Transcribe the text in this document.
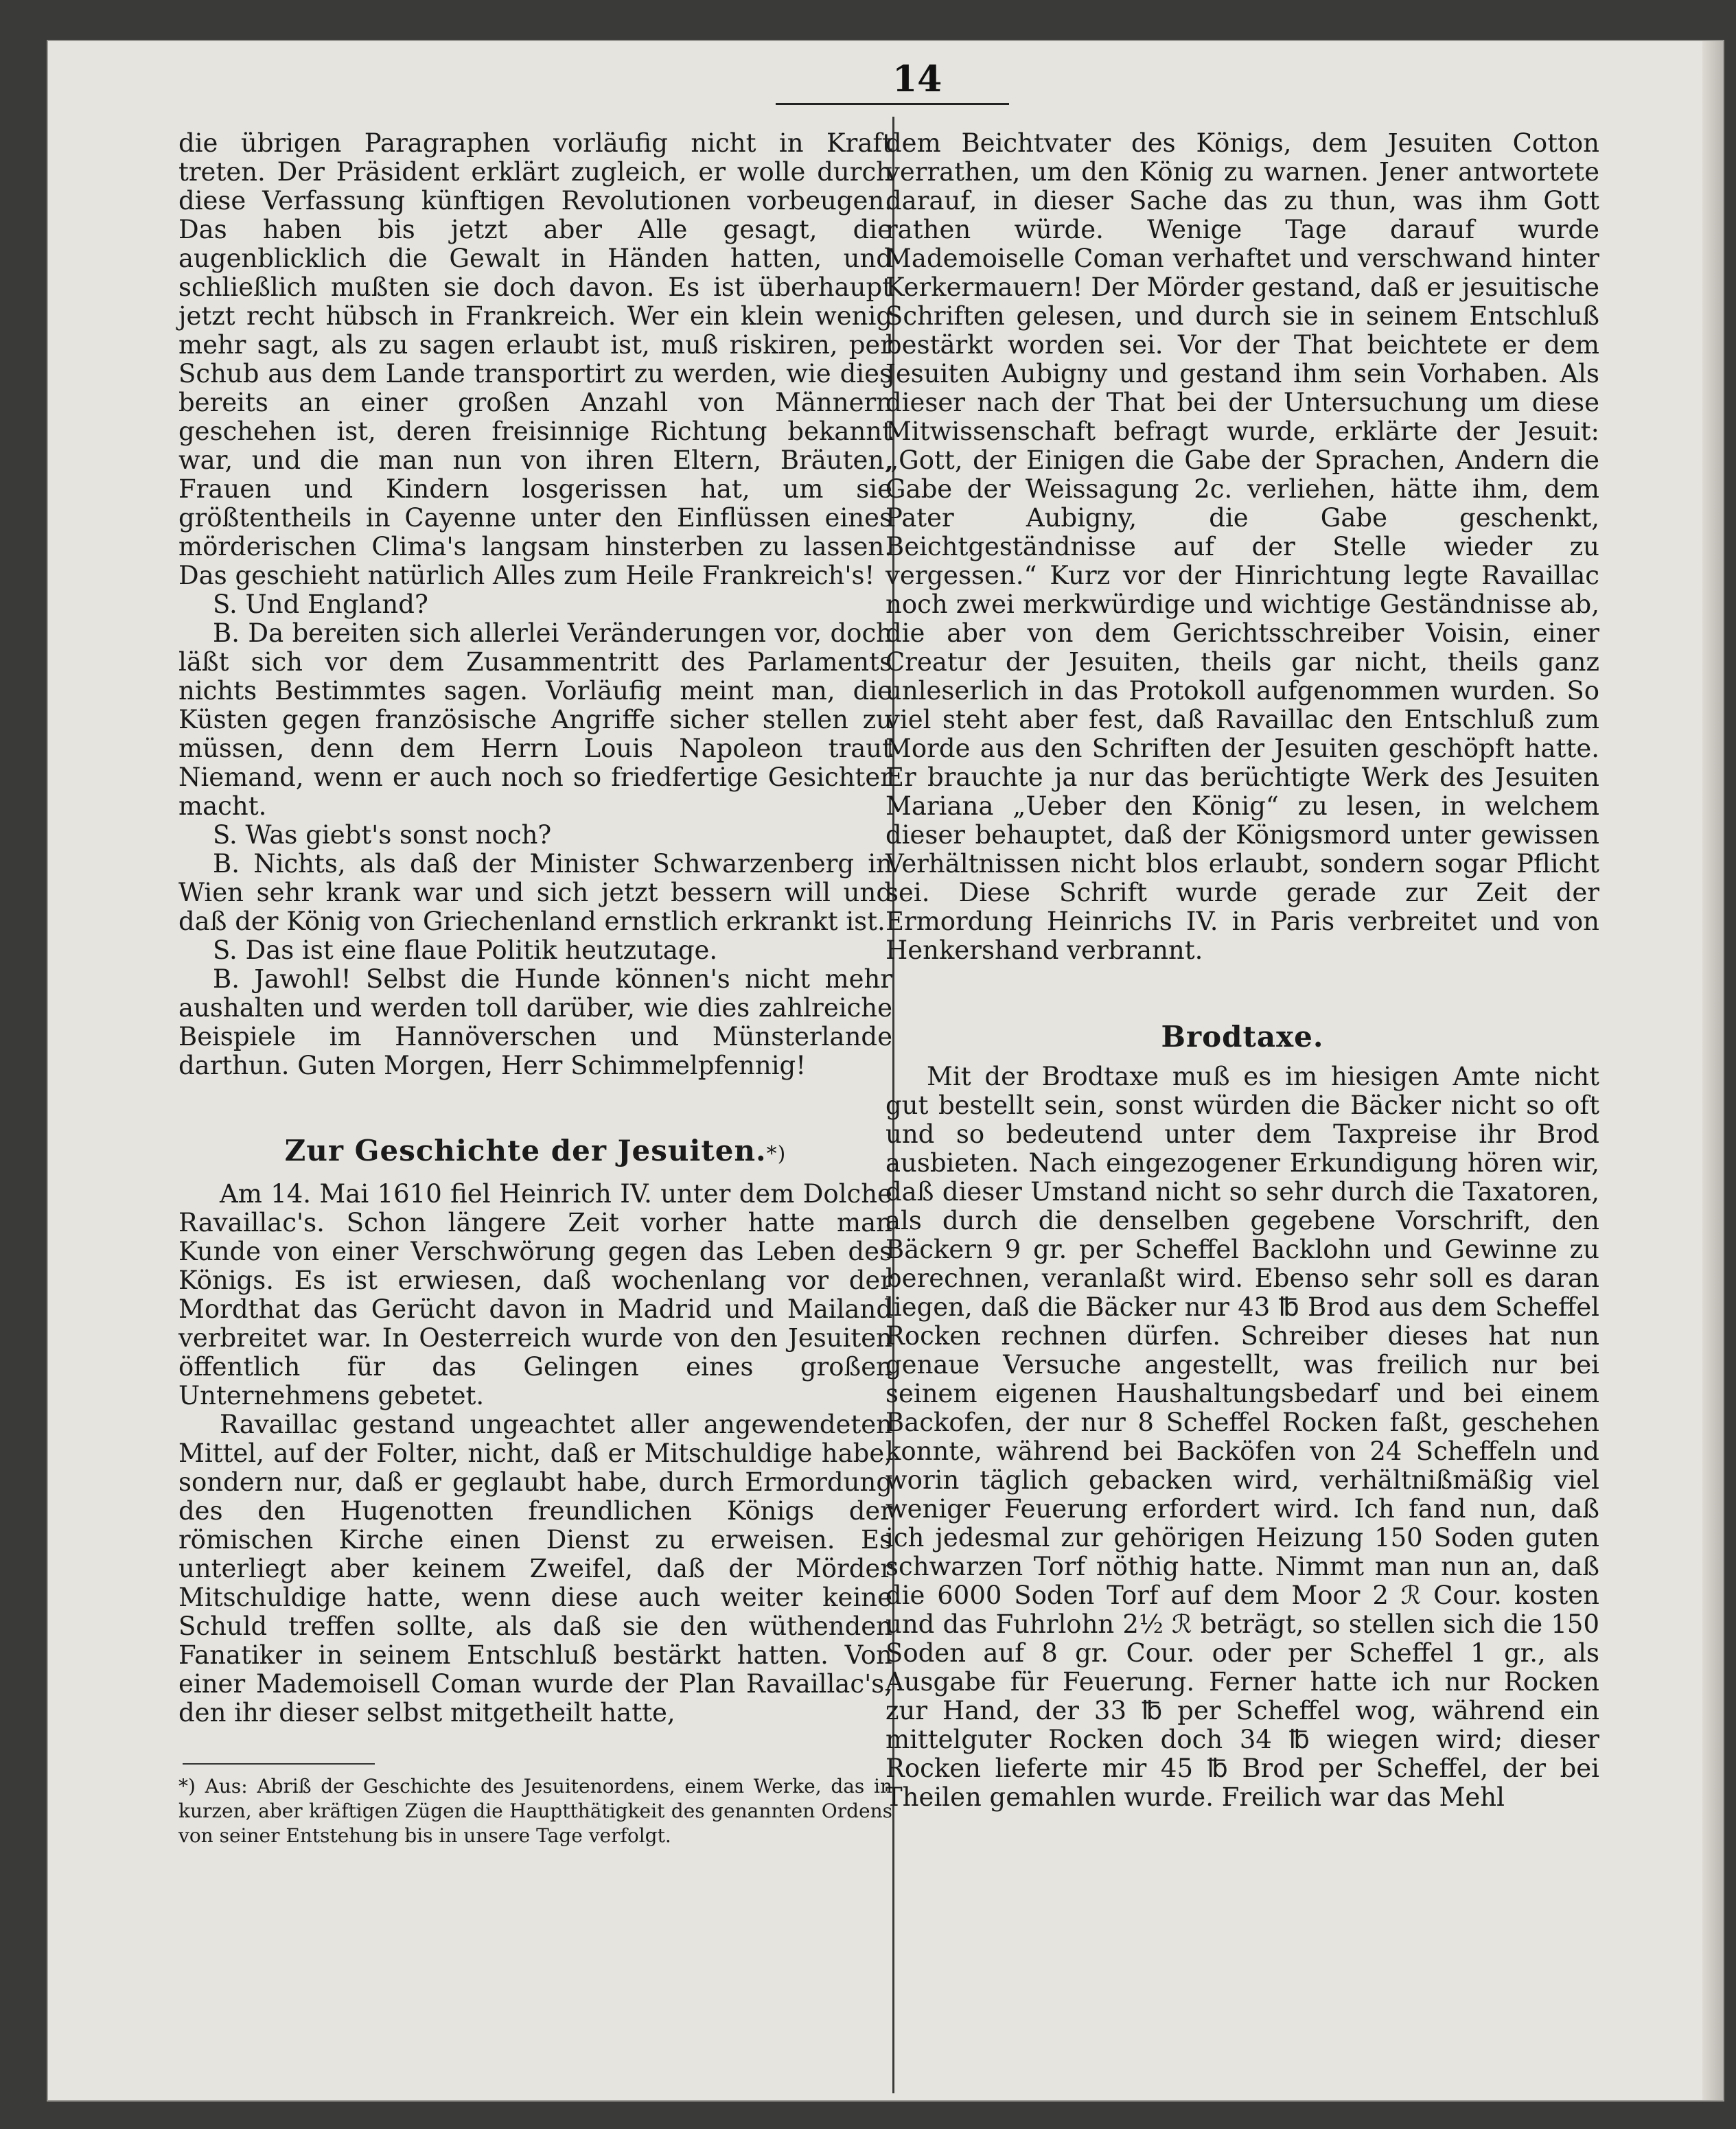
14

die übrigen Paragraphen vorläufig nicht in Kraft treten. Der Präsident erklärt zugleich, er wolle durch diese Verfassung künftigen Revolutionen vorbeugen. Das haben bis jetzt aber Alle gesagt, die augenblicklich die Gewalt in Händen hatten, und schließlich mußten sie doch davon. Es ist überhaupt jetzt recht hübsch in Frankreich. Wer ein klein wenig mehr sagt, als zu sagen erlaubt ist, muß riskiren, per Schub aus dem Lande transportirt zu werden, wie dies bereits an einer großen Anzahl von Männern geschehen ist, deren freisinnige Richtung bekannt war, und die man nun von ihren Eltern, Bräuten, Frauen und Kindern losgerissen hat, um sie größtentheils in Cayenne unter den Einflüssen eines mörderischen Clima's langsam hinsterben zu lassen. Das geschieht natürlich Alles zum Heile Frankreich's!

S. Und England?

B. Da bereiten sich allerlei Veränderungen vor, doch läßt sich vor dem Zusammentritt des Parlaments nichts Bestimmtes sagen. Vorläufig meint man, die Küsten gegen französische Angriffe sicher stellen zu müssen, denn dem Herrn Louis Napoleon traut Niemand, wenn er auch noch so friedfertige Gesichter macht.

S. Was giebt's sonst noch?

B. Nichts, als daß der Minister Schwarzenberg in Wien sehr krank war und sich jetzt bessern will und daß der König von Griechenland ernstlich erkrankt ist.

S. Das ist eine flaue Politik heutzutage.

B. Jawohl! Selbst die Hunde können's nicht mehr aushalten und werden toll darüber, wie dies zahlreiche Beispiele im Hannöverschen und Münsterlande darthun. Guten Morgen, Herr Schimmelpfennig!

Zur Geschichte der Jesuiten.*)

Am 14. Mai 1610 fiel Heinrich IV. unter dem Dolche Ravaillac's. Schon längere Zeit vorher hatte man Kunde von einer Verschwörung gegen das Leben des Königs. Es ist erwiesen, daß wochenlang vor der Mordthat das Gerücht davon in Madrid und Mailand verbreitet war. In Oesterreich wurde von den Jesuiten öffentlich für das Gelingen eines großen Unternehmens gebetet.

Ravaillac gestand ungeachtet aller angewendeten Mittel, auf der Folter, nicht, daß er Mitschuldige habe, sondern nur, daß er geglaubt habe, durch Ermordung des den Hugenotten freundlichen Königs der römischen Kirche einen Dienst zu erweisen. Es unterliegt aber keinem Zweifel, daß der Mörder Mitschuldige hatte, wenn diese auch weiter keine Schuld treffen sollte, als daß sie den wüthenden Fanatiker in seinem Entschluß bestärkt hatten. Von einer Mademoisell Coman wurde der Plan Ravaillac's, den ihr dieser selbst mitgetheilt hatte,

*) Aus: Abriß der Geschichte des Jesuitenordens, einem Werke, das in kurzen, aber kräftigen Zügen die Hauptthätigkeit des genannten Ordens von seiner Entstehung bis in unsere Tage verfolgt.

dem Beichtvater des Königs, dem Jesuiten Cotton verrathen, um den König zu warnen. Jener antwortete darauf, in dieser Sache das zu thun, was ihm Gott rathen würde. Wenige Tage darauf wurde Mademoiselle Coman verhaftet und verschwand hinter Kerkermauern! Der Mörder gestand, daß er jesuitische Schriften gelesen, und durch sie in seinem Entschluß bestärkt worden sei. Vor der That beichtete er dem Jesuiten Aubigny und gestand ihm sein Vorhaben. Als dieser nach der That bei der Untersuchung um diese Mitwissenschaft befragt wurde, erklärte der Jesuit: „Gott, der Einigen die Gabe der Sprachen, Andern die Gabe der Weissagung 2c. verliehen, hätte ihm, dem Pater Aubigny, die Gabe geschenkt, Beichtgeständnisse auf der Stelle wieder zu vergessen.“ Kurz vor der Hinrichtung legte Ravaillac noch zwei merkwürdige und wichtige Geständnisse ab, die aber von dem Gerichtsschreiber Voisin, einer Creatur der Jesuiten, theils gar nicht, theils ganz unleserlich in das Protokoll aufgenommen wurden. So viel steht aber fest, daß Ravaillac den Entschluß zum Morde aus den Schriften der Jesuiten geschöpft hatte. Er brauchte ja nur das berüchtigte Werk des Jesuiten Mariana „Ueber den König“ zu lesen, in welchem dieser behauptet, daß der Königsmord unter gewissen Verhältnissen nicht blos erlaubt, sondern sogar Pflicht sei. Diese Schrift wurde gerade zur Zeit der Ermordung Heinrichs IV. in Paris verbreitet und von Henkershand verbrannt.

Brodtaxe.

Mit der Brodtaxe muß es im hiesigen Amte nicht gut bestellt sein, sonst würden die Bäcker nicht so oft und so bedeutend unter dem Taxpreise ihr Brod ausbieten. Nach eingezogener Erkundigung hören wir, daß dieser Umstand nicht so sehr durch die Taxatoren, als durch die denselben gegebene Vorschrift, den Bäckern 9 gr. per Scheffel Backlohn und Gewinne zu berechnen, veranlaßt wird. Ebenso sehr soll es daran liegen, daß die Bäcker nur 43 ℔ Brod aus dem Scheffel Rocken rechnen dürfen. Schreiber dieses hat nun genaue Versuche angestellt, was freilich nur bei seinem eigenen Haushaltungsbedarf und bei einem Backofen, der nur 8 Scheffel Rocken faßt, geschehen konnte, während bei Backöfen von 24 Scheffeln und worin täglich gebacken wird, verhältnißmäßig viel weniger Feuerung erfordert wird. Ich fand nun, daß ich jedesmal zur gehörigen Heizung 150 Soden guten schwarzen Torf nöthig hatte. Nimmt man nun an, daß die 6000 Soden Torf auf dem Moor 2 ℛ Cour. kosten und das Fuhrlohn 2½ ℛ beträgt, so stellen sich die 150 Soden auf 8 gr. Cour. oder per Scheffel 1 gr., als Ausgabe für Feuerung. Ferner hatte ich nur Rocken zur Hand, der 33 ℔ per Scheffel wog, während ein mittelguter Rocken doch 34 ℔ wiegen wird; dieser Rocken lieferte mir 45 ℔ Brod per Scheffel, der bei Theilen gemahlen wurde. Freilich war das Mehl
